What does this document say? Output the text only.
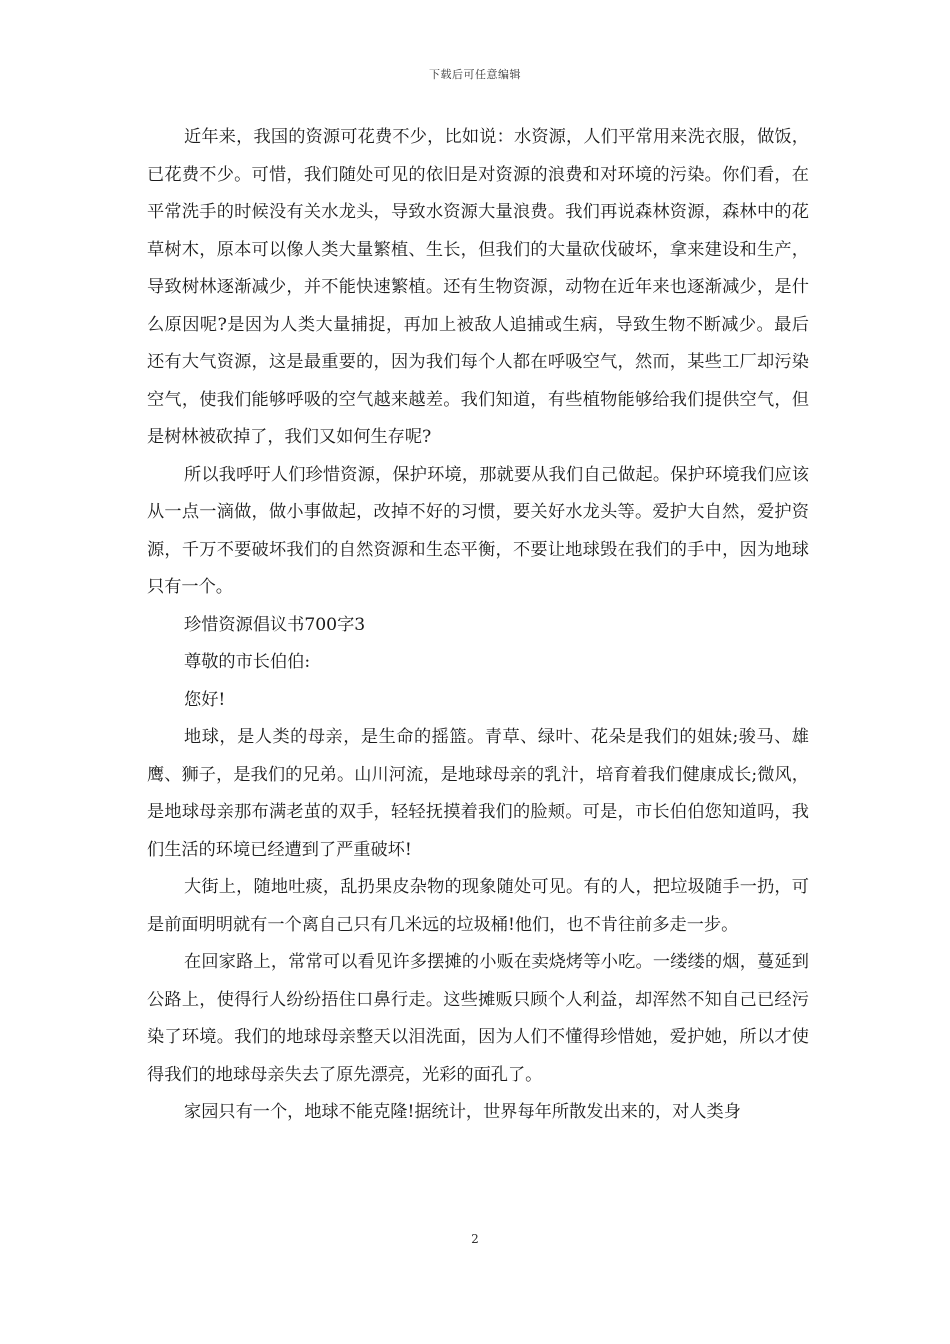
下载后可任意编辑

近年来，我国的资源可花费不少，比如说：水资源，人们平常用来洗衣服，做饭，已花费不少。可惜，我们随处可见的依旧是对资源的浪费和对环境的污染。你们看，在平常洗手的时候没有关水龙头，导致水资源大量浪费。我们再说森林资源，森林中的花草树木，原本可以像人类大量繁植、生长，但我们的大量砍伐破坏，拿来建设和生产，导致树林逐渐减少，并不能快速繁植。还有生物资源，动物在近年来也逐渐减少，是什么原因呢?是因为人类大量捕捉，再加上被敌人追捕或生病，导致生物不断减少。最后还有大气资源，这是最重要的，因为我们每个人都在呼吸空气，然而，某些工厂却污染空气，使我们能够呼吸的空气越来越差。我们知道，有些植物能够给我们提供空气，但是树林被砍掉了，我们又如何生存呢?

所以我呼吁人们珍惜资源，保护环境，那就要从我们自己做起。保护环境我们应该从一点一滴做，做小事做起，改掉不好的习惯，要关好水龙头等。爱护大自然，爱护资源，千万不要破坏我们的自然资源和生态平衡，不要让地球毁在我们的手中，因为地球只有一个。

珍惜资源倡议书700字3

尊敬的市长伯伯:

您好!

地球，是人类的母亲，是生命的摇篮。青草、绿叶、花朵是我们的姐妹;骏马、雄鹰、狮子，是我们的兄弟。山川河流，是地球母亲的乳汁，培育着我们健康成长;微风，是地球母亲那布满老茧的双手，轻轻抚摸着我们的脸颊。可是，市长伯伯您知道吗，我们生活的环境已经遭到了严重破坏!

大街上，随地吐痰，乱扔果皮杂物的现象随处可见。有的人，把垃圾随手一扔，可是前面明明就有一个离自己只有几米远的垃圾桶!他们，也不肯往前多走一步。

在回家路上，常常可以看见许多摆摊的小贩在卖烧烤等小吃。一缕缕的烟，蔓延到公路上，使得行人纷纷捂住口鼻行走。这些摊贩只顾个人利益，却浑然不知自己已经污染了环境。我们的地球母亲整天以泪洗面，因为人们不懂得珍惜她，爱护她，所以才使得我们的地球母亲失去了原先漂亮，光彩的面孔了。

家园只有一个，地球不能克隆!据统计，世界每年所散发出来的，对人类身

2
